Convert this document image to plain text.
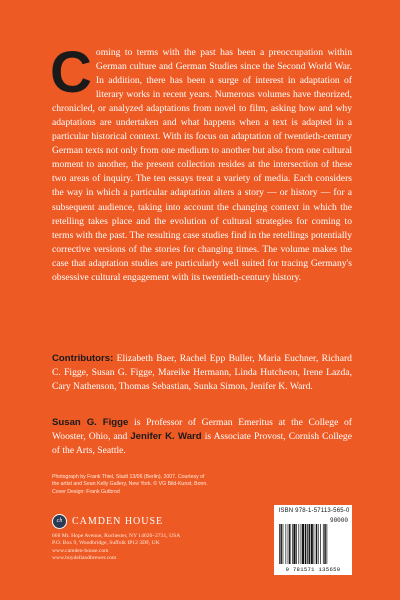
Coming to terms with the past has been a preoccupation within German culture and German Studies since the Second World War. In addition, there has been a surge of interest in adaptation of literary works in recent years. Numerous volumes have theorized, chronicled, or analyzed adaptations from novel to film, asking how and why adaptations are undertaken and what happens when a text is adapted in a particular historical context. With its focus on adaptation of twentieth-century German texts not only from one medium to another but also from one cultural moment to another, the present collection resides at the intersection of these two areas of inquiry. The ten essays treat a variety of media. Each considers the way in which a particular adaptation alters a story — or history — for a subsequent audience, taking into account the changing context in which the retelling takes place and the evolution of cultural strategies for coming to terms with the past. The resulting case studies find in the retellings potentially corrective versions of the stories for changing times. The volume makes the case that adaptation studies are particularly well suited for tracing Germany's obsessive cultural engagement with its twentieth-century history.
Contributors: Elizabeth Baer, Rachel Epp Buller, Maria Euchner, Richard C. Figge, Susan G. Figge, Mareike Hermann, Linda Hutcheon, Irene Lazda, Cary Nathenson, Thomas Sebastian, Sunka Simon, Jenifer K. Ward.
Susan G. Figge is Professor of German Emeritus at the College of Wooster, Ohio, and Jenifer K. Ward is Associate Provost, Cornish College of the Arts, Seattle.
Photograph by Frank Thiel, Stadt 13/06 (Berlin), 2007. Courtesy of
the artist and Sean Kelly Gallery, New York. © VG Bild-Kunst, Bonn.
Cover Design: Frank Gutbrod
ch CAMDEN HOUSE
668 Mt. Hope Avenue, Rochester, NY 14620–2731, USA
P.O. Box 9, Woodbridge, Suffolk IP12 3DF, UK
www.camden-house.com
www.boydellandbrewer.com
ISBN 978-1-57113-565-0
90000
9 781571 135650
